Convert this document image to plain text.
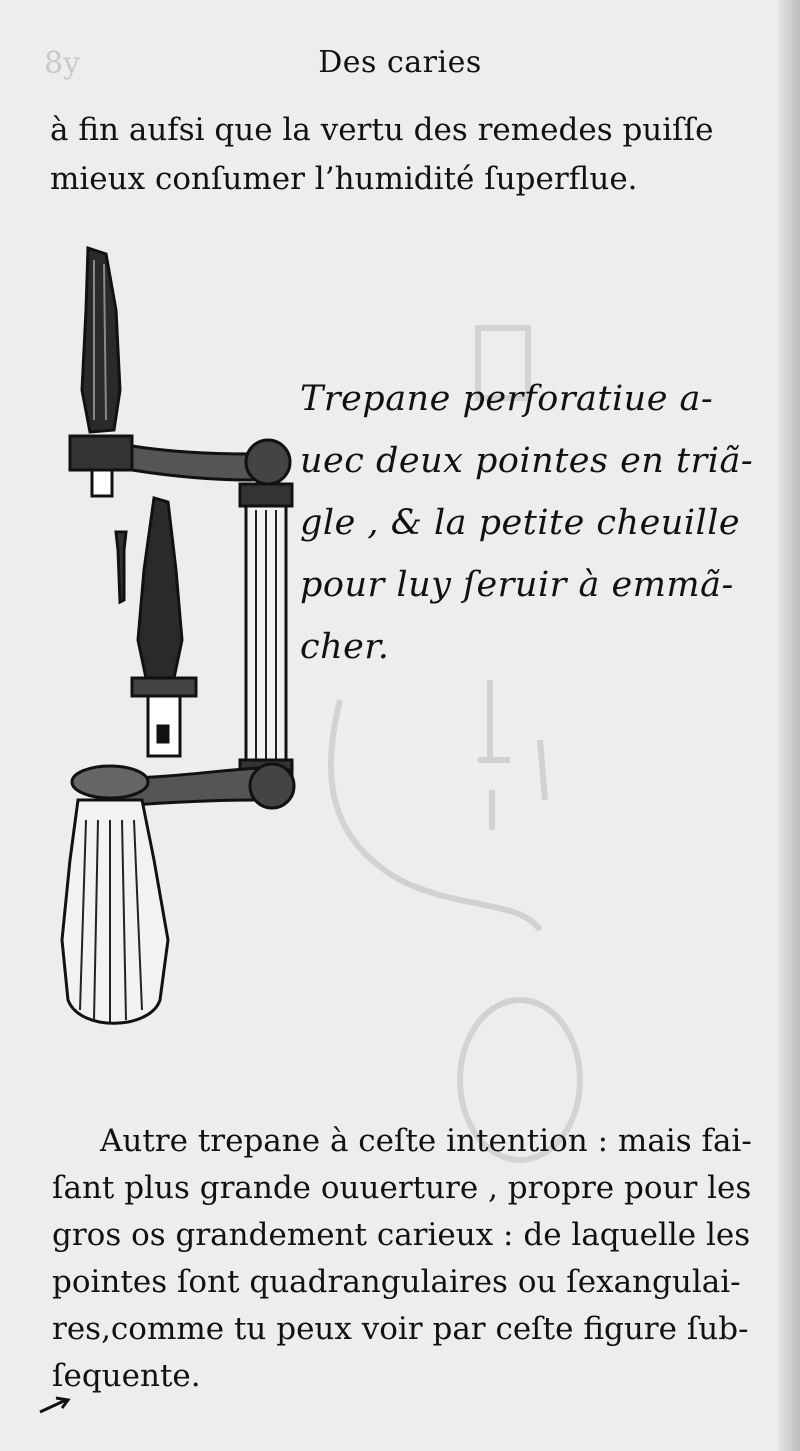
8y	Des caries
à fin aufsi que la vertu des remedes puiſſe
mieux conſumer l’humidité ſuperflue.
Trepane perforatiue a-
uec deux pointes en triã-
gle , & la petite cheuille
pour luy ſeruir à emmã-
cher.
Autre trepane à ceſte intention : mais fai-
ſant plus grande ouuerture , propre pour les
gros os grandement carieux : de laquelle les
pointes ſont quadrangulaires ou ſexangulai-
res,comme tu peux voir par ceſte figure ſub-
ſequente.
